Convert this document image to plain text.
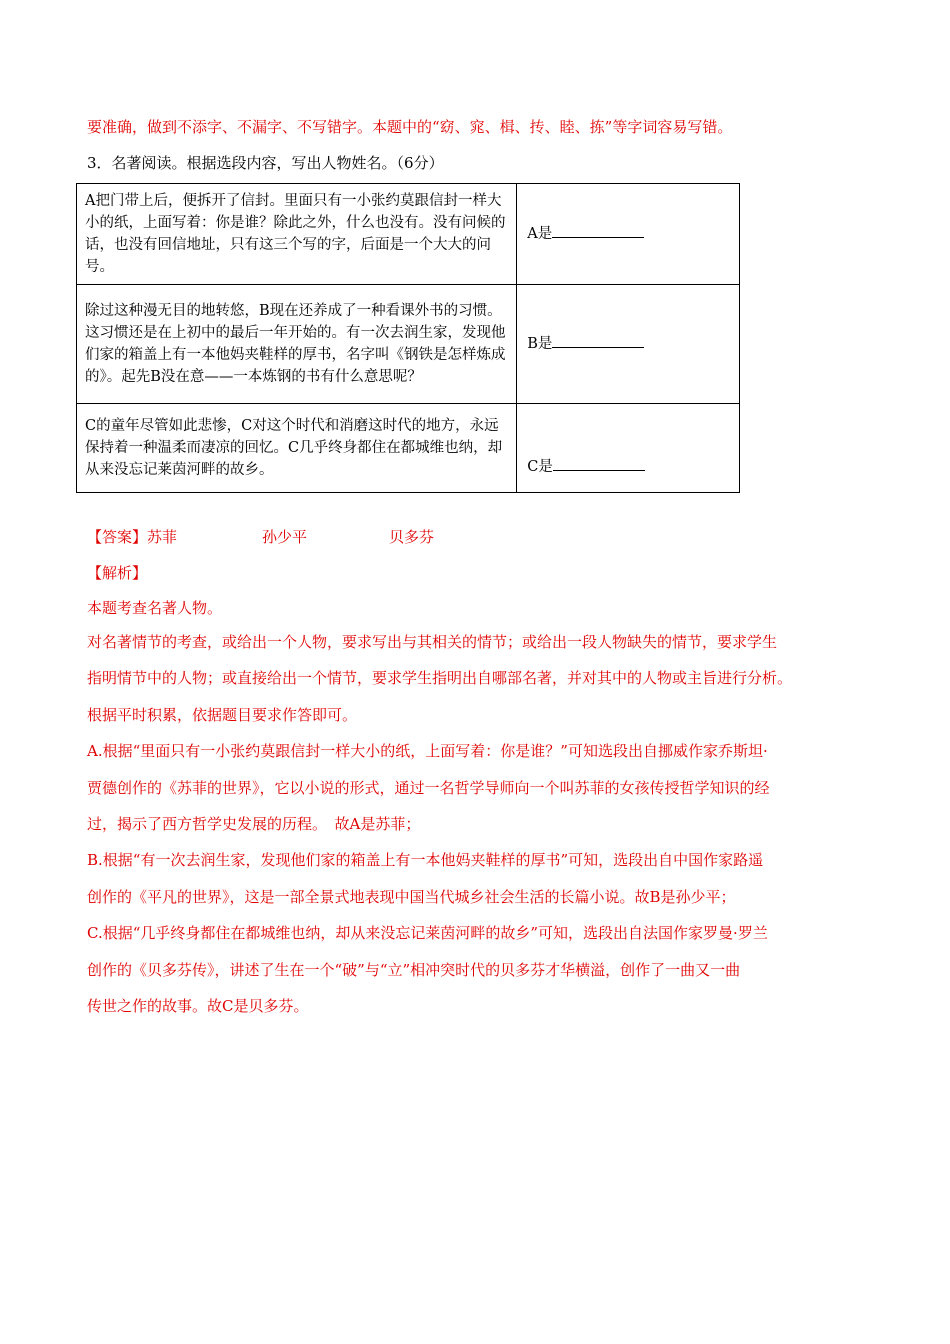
要准确，做到不添字、不漏字、不写错字。本题中的“窈、窕、楫、抟、睦、拣”等字词容易写错。
3．名著阅读。根据选段内容，写出人物姓名。（6分）
A把门带上后，便拆开了信封。里面只有一小张约莫跟信封一样大小的纸，上面写着：你是谁？除此之外，什么也没有。没有问候的话，也没有回信地址，只有这三个写的字，后面是一个大大的问号。	A是
除过这种漫无目的地转悠，B现在还养成了一种看课外书的习惯。这习惯还是在上初中的最后一年开始的。有一次去润生家，发现他们家的箱盖上有一本他妈夹鞋样的厚书，名字叫《钢铁是怎样炼成的》。起先B没在意——一本炼钢的书有什么意思呢？	B是
C的童年尽管如此悲惨，C对这个时代和消磨这时代的地方，永远保持着一种温柔而凄凉的回忆。C几乎终身都住在都城维也纳，却从来没忘记莱茵河畔的故乡。	C是
【答案】苏菲	孙少平	贝多芬
【解析】
本题考查名著人物。
对名著情节的考查，或给出一个人物，要求写出与其相关的情节；或给出一段人物缺失的情节，要求学生
指明情节中的人物；或直接给出一个情节，要求学生指明出自哪部名著，并对其中的人物或主旨进行分析。
根据平时积累，依据题目要求作答即可。
A.根据“里面只有一小张约莫跟信封一样大小的纸，上面写着：你是谁？”可知选段出自挪威作家乔斯坦·
贾德创作的《苏菲的世界》，它以小说的形式，通过一名哲学导师向一个叫苏菲的女孩传授哲学知识的经
过，揭示了西方哲学史发展的历程。　故A是苏菲；
B.根据“有一次去润生家，发现他们家的箱盖上有一本他妈夹鞋样的厚书”可知，选段出自中国作家路遥
创作的《平凡的世界》，这是一部全景式地表现中国当代城乡社会生活的长篇小说。故B是孙少平；
C.根据“几乎终身都住在都城维也纳，却从来没忘记莱茵河畔的故乡”可知，选段出自法国作家罗曼·罗兰
创作的《贝多芬传》，讲述了生在一个“破”与“立”相冲突时代的贝多芬才华横溢，创作了一曲又一曲
传世之作的故事。故C是贝多芬。
